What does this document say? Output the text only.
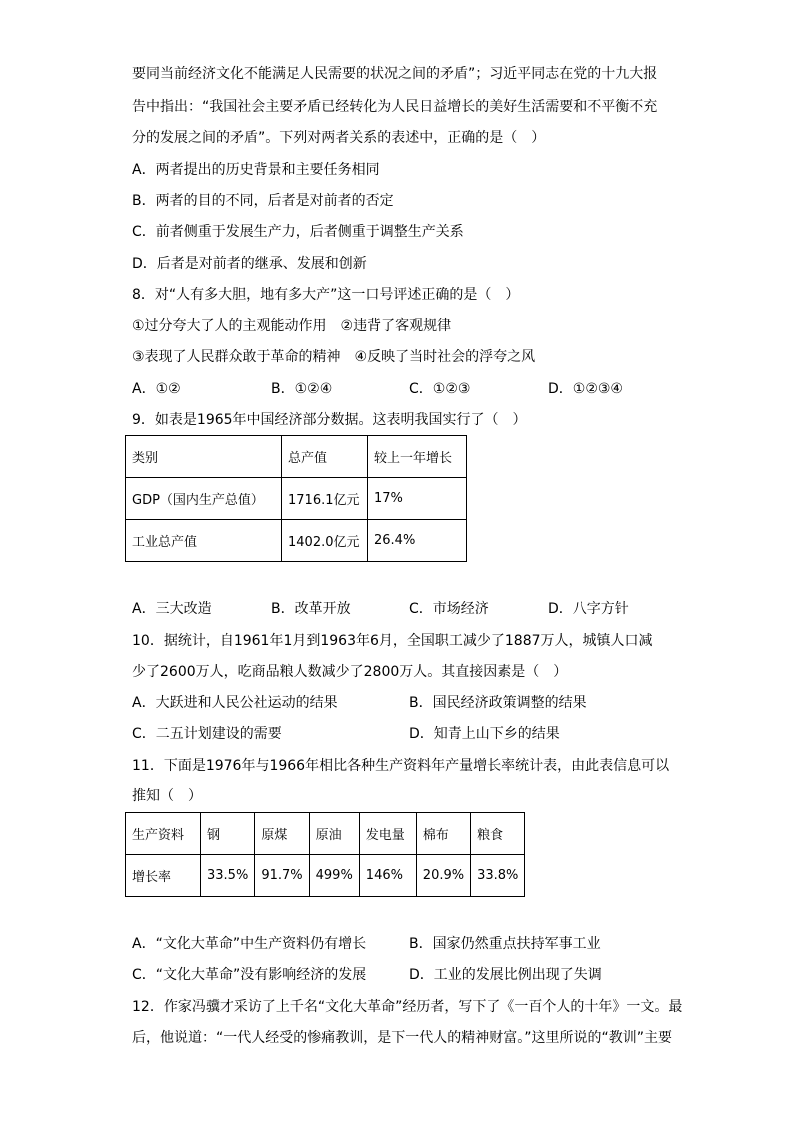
要同当前经济文化不能满足人民需要的状况之间的矛盾”；习近平同志在党的十九大报
告中指出：“我国社会主要矛盾已经转化为人民日益增长的美好生活需要和不平衡不充
分的发展之间的矛盾”。下列对两者关系的表述中，正确的是（　）
A．两者提出的历史背景和主要任务相同
B．两者的目的不同，后者是对前者的否定
C．前者侧重于发展生产力，后者侧重于调整生产关系
D．后者是对前者的继承、发展和创新
8．对“人有多大胆，地有多大产”这一口号评述正确的是（　）
①过分夸大了人的主观能动作用　②违背了客观规律
③表现了人民群众敢于革命的精神　④反映了当时社会的浮夸之风
A．①②	B．①②④	C．①②③	D．①②③④
9．如表是1965年中国经济部分数据。这表明我国实行了（　）
类别	总产值	较上一年增长
GDP（国内生产总值）	1716.1亿元	17%
工业总产值	1402.0亿元	26.4%
A．三大改造	B．改革开放	C．市场经济	D．八字方针
10．据统计，自1961年1月到1963年6月，全国职工减少了1887万人，城镇人口减
少了2600万人，吃商品粮人数减少了2800万人。其直接因素是（　）
A．大跃进和人民公社运动的结果	B．国民经济政策调整的结果
C．二五计划建设的需要	D．知青上山下乡的结果
11．下面是1976年与1966年相比各种生产资料年产量增长率统计表，由此表信息可以
推知（　）
生产资料	钢	原煤	原油	发电量	棉布	粮食
增长率	33.5%	91.7%	499%	146%	20.9%	33.8%
A．“文化大革命”中生产资料仍有增长	B．国家仍然重点扶持军事工业
C．“文化大革命”没有影响经济的发展	D．工业的发展比例出现了失调
12．作家冯骥才采访了上千名“文化大革命”经历者，写下了《一百个人的十年》一文。最
后，他说道：“一代人经受的惨痛教训，是下一代人的精神财富。”这里所说的“教训”主要
